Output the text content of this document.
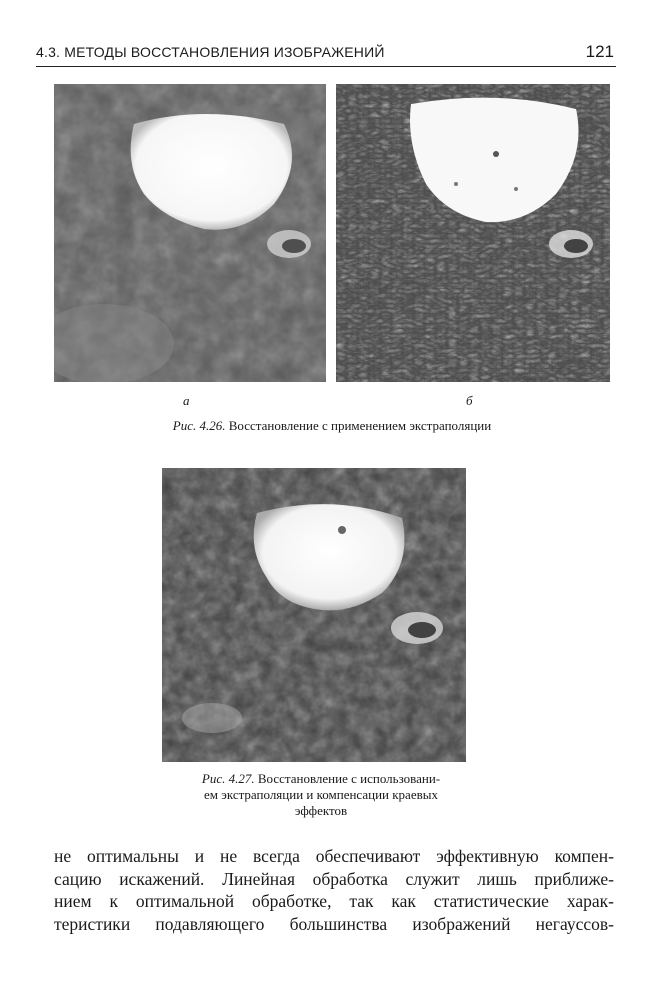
4.3. МЕТОДЫ ВОССТАНОВЛЕНИЯ ИЗОБРАЖЕНИЙ	121
а	б
Рис. 4.26. Восстановление с применением экстраполяции
Рис. 4.27. Восстановление с использовани-
ем экстраполяции и компенсации краевых
эффектов
не оптимальны и не всегда обеспечивают эффективную компен-
сацию искажений. Линейная обработка служит лишь приближе-
нием к оптимальной обработке, так как статистические харак-
теристики подавляющего большинства изображений негауссов-
